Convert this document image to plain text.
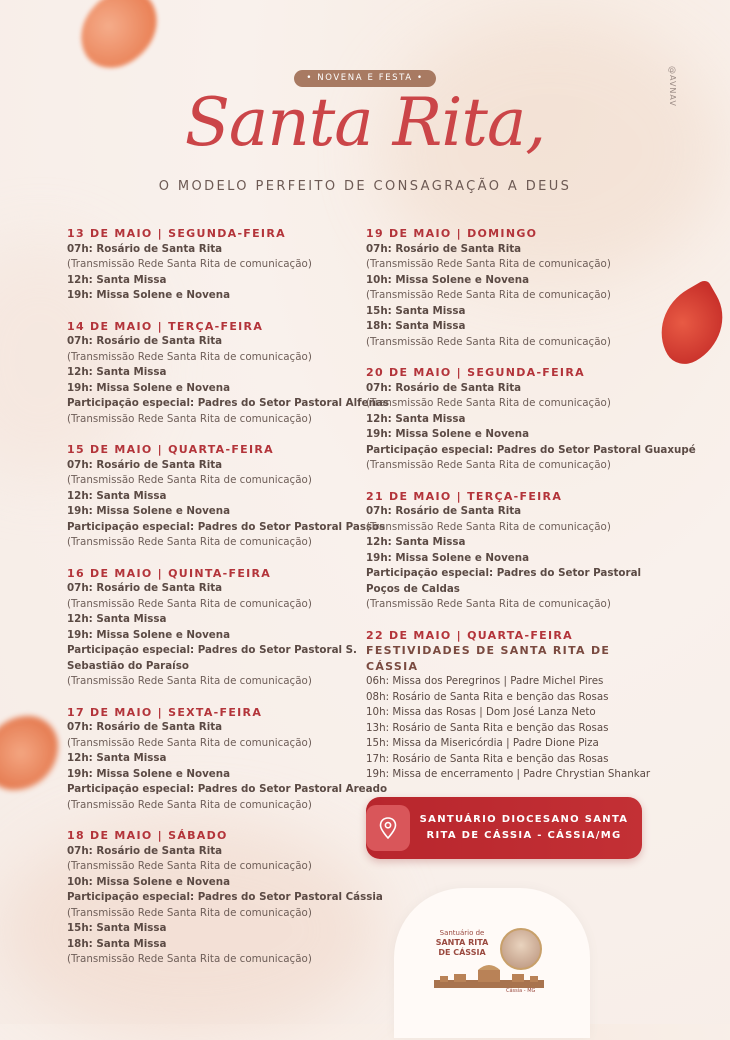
@AVNAV
• NOVENA E FESTA •
Santa Rita,
O MODELO PERFEITO DE CONSAGRAÇÃO A DEUS
13 DE MAIO | SEGUNDA-FEIRA
07h: Rosário de Santa Rita
(Transmissão Rede Santa Rita de comunicação)
12h: Santa Missa
19h: Missa Solene e Novena
14 DE MAIO | TERÇA-FEIRA
07h: Rosário de Santa Rita
(Transmissão Rede Santa Rita de comunicação)
12h: Santa Missa
19h: Missa Solene e Novena
Participação especial: Padres do Setor Pastoral Alfenas
(Transmissão Rede Santa Rita de comunicação)
15 DE MAIO | QUARTA-FEIRA
07h: Rosário de Santa Rita
(Transmissão Rede Santa Rita de comunicação)
12h: Santa Missa
19h: Missa Solene e Novena
Participação especial: Padres do Setor Pastoral Passos
(Transmissão Rede Santa Rita de comunicação)
16 DE MAIO | QUINTA-FEIRA
07h: Rosário de Santa Rita
(Transmissão Rede Santa Rita de comunicação)
12h: Santa Missa
19h: Missa Solene e Novena
Participação especial: Padres do Setor Pastoral S. Sebastião do Paraíso
(Transmissão Rede Santa Rita de comunicação)
17 DE MAIO | SEXTA-FEIRA
07h: Rosário de Santa Rita
(Transmissão Rede Santa Rita de comunicação)
12h: Santa Missa
19h: Missa Solene e Novena
Participação especial: Padres do Setor Pastoral Areado
(Transmissão Rede Santa Rita de comunicação)
18 DE MAIO | SÁBADO
07h: Rosário de Santa Rita
(Transmissão Rede Santa Rita de comunicação)
10h: Missa Solene e Novena
Participação especial: Padres do Setor Pastoral Cássia
(Transmissão Rede Santa Rita de comunicação)
15h: Santa Missa
18h: Santa Missa
(Transmissão Rede Santa Rita de comunicação)
19 DE MAIO | DOMINGO
07h: Rosário de Santa Rita
(Transmissão Rede Santa Rita de comunicação)
10h: Missa Solene e Novena
(Transmissão Rede Santa Rita de comunicação)
15h: Santa Missa
18h: Santa Missa
(Transmissão Rede Santa Rita de comunicação)
20 DE MAIO | SEGUNDA-FEIRA
07h: Rosário de Santa Rita
(Transmissão Rede Santa Rita de comunicação)
12h: Santa Missa
19h: Missa Solene e Novena
Participação especial: Padres do Setor Pastoral Guaxupé
(Transmissão Rede Santa Rita de comunicação)
21 DE MAIO | TERÇA-FEIRA
07h: Rosário de Santa Rita
(Transmissão Rede Santa Rita de comunicação)
12h: Santa Missa
19h: Missa Solene e Novena
Participação especial: Padres do Setor Pastoral Poços de Caldas
(Transmissão Rede Santa Rita de comunicação)
22 DE MAIO | QUARTA-FEIRA
FESTIVIDADES DE SANTA RITA DE CÁSSIA
06h: Missa dos Peregrinos | Padre Michel Pires
08h: Rosário de Santa Rita e benção das Rosas
10h: Missa das Rosas | Dom José Lanza Neto
13h: Rosário de Santa Rita e benção das Rosas
15h: Missa da Misericórdia | Padre Dione Piza
17h: Rosário de Santa Rita e benção das Rosas
19h: Missa de encerramento | Padre Chrystian Shankar
SANTUÁRIO DIOCESANO SANTA RITA DE CÁSSIA - CÁSSIA/MG
Santuário de
SANTA RITA
DE CÁSSIA
Cássia - MG
